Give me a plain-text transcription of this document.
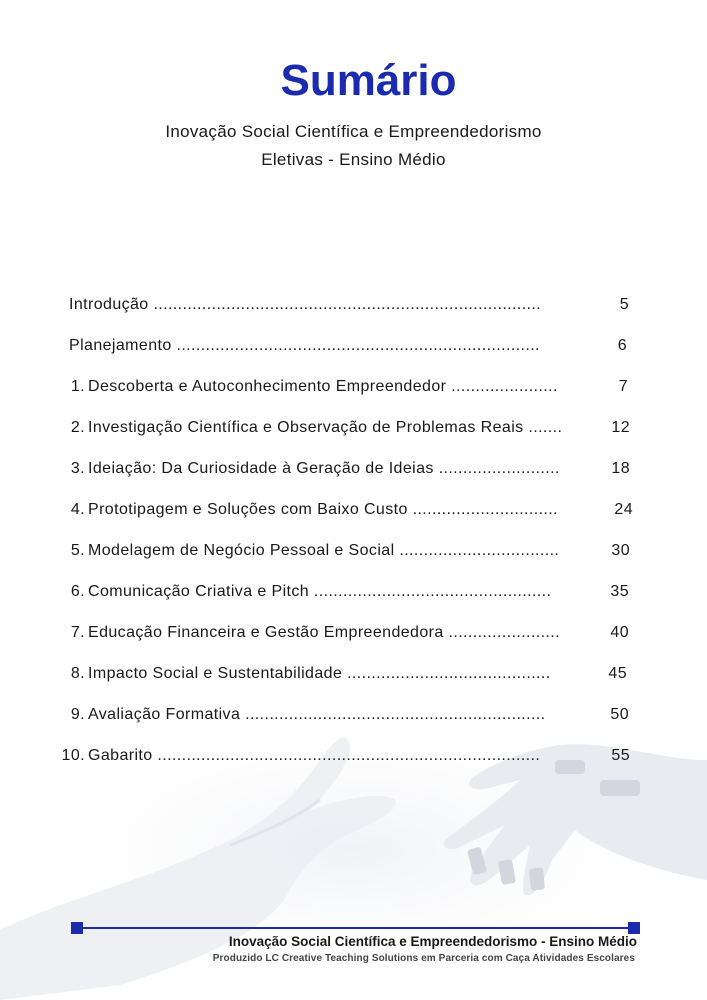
Sumário
Inovação Social Científica e Empreendedorismo
Eletivas - Ensino Médio
Introdução ................................................................................	5
Planejamento ...........................................................................	6
1. Descoberta e Autoconhecimento Empreendedor ......................	7
2. Investigação Científica e Observação de Problemas Reais .......	12
3. Ideiação: Da Curiosidade à Geração de Ideias .........................	18
4. Prototipagem e Soluções com Baixo Custo ..............................	24
5. Modelagem de Negócio Pessoal e Social .................................	30
6. Comunicação Criativa e Pitch .................................................	35
7. Educação Financeira e Gestão Empreendedora .......................	40
8. Impacto Social e Sustentabilidade ..........................................	45
9. Avaliação Formativa ..............................................................	50
10. Gabarito ...............................................................................	55
Inovação Social Científica e Empreendedorismo - Ensino Médio
Produzido LC Creative Teaching Solutions em Parceria com Caça Atividades Escolares
